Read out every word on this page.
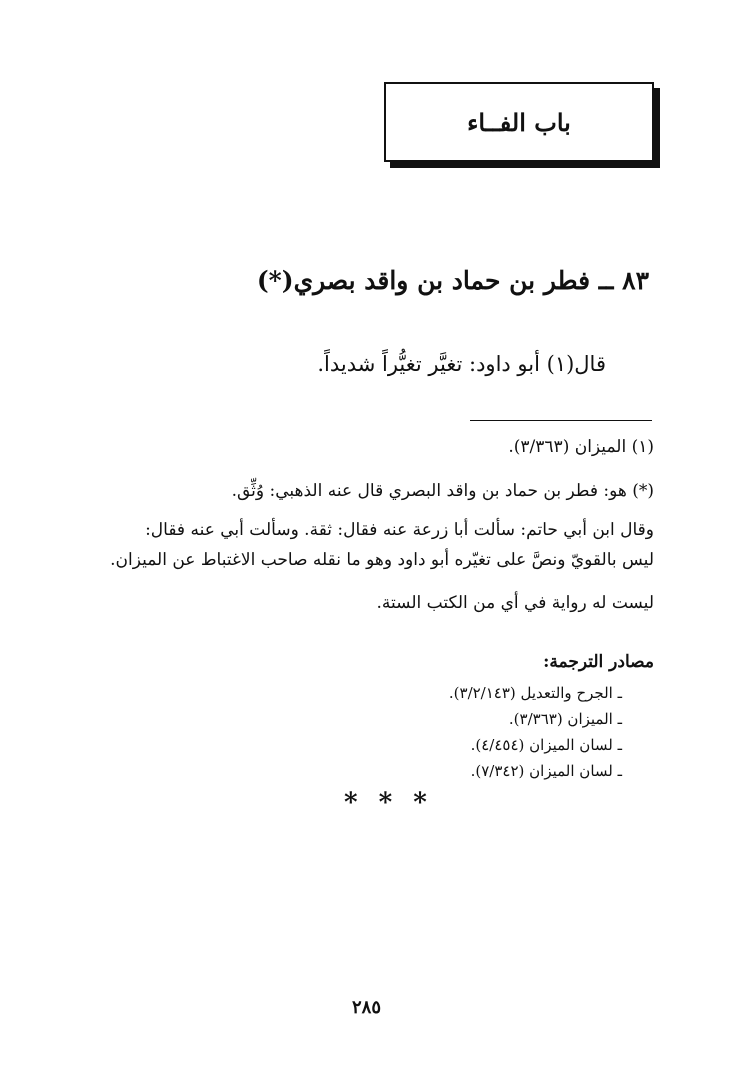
باب الفــاء
٨٣ ــ فطر بن حماد بن واقد بصري(*)
قال(١) أبو داود: تغيَّر تغيُّراً شديداً.
(١) الميزان (٣/٣٦٣).
(*) هو: فطر بن حماد بن واقد البصري قال عنه الذهبي: وُثِّق.
وقال ابن أبي حاتم: سألت أبا زرعة عنه فقال: ثقة. وسألت أبي عنه فقال:
ليس بالقويّ ونصَّ على تغيّره أبو داود وهو ما نقله صاحب الاغتباط عن الميزان.
ليست له رواية في أي من الكتب الستة.
مصادر الترجمة:
ـ الجرح والتعديل (٣/٢/١٤٣).
ـ الميزان (٣/٣٦٣).
ـ لسان الميزان (٤/٤٥٤).
ـ لسان الميزان (٧/٣٤٢).
* * *
٢٨٥
